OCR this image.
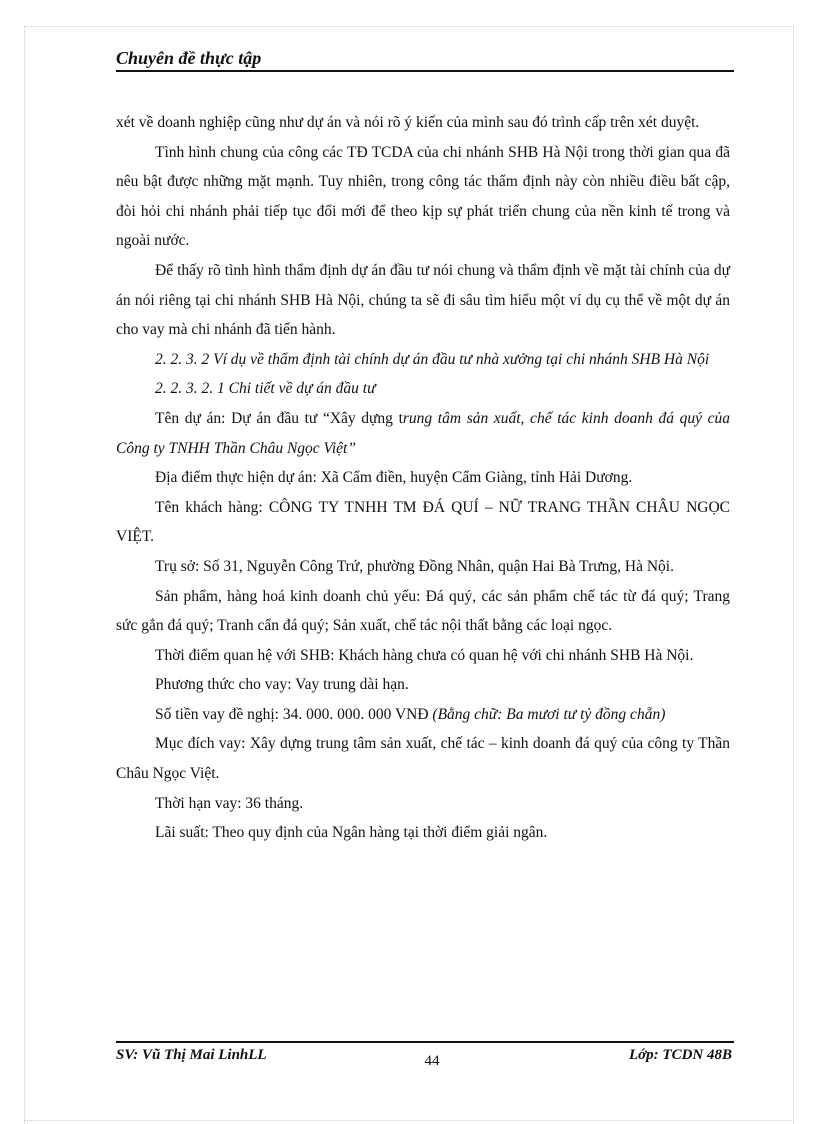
Chuyên đề thực tập

xét về doanh nghiệp cũng như dự án và nói rõ ý kiến của mình sau đó trình cấp trên xét duyệt.

Tình hình chung của công các TĐ TCDA của chi nhánh SHB Hà Nội trong thời gian qua đã nêu bật được những mặt mạnh. Tuy nhiên, trong công tác thẩm định này còn nhiều điều bất cập, đòi hỏi chi nhánh phải tiếp tục đổi mới để theo kịp sự phát triển chung của nền kinh tế trong và ngoài nước.

Để thấy rõ tình hình thẩm định dự án đầu tư nói chung và thẩm định về mặt tài chính của dự án nói riêng tại chi nhánh SHB Hà Nội, chúng ta sẽ đi sâu tìm hiểu một ví dụ cụ thể về một dự án cho vay mà chi nhánh đã tiến hành.

2. 2. 3. 2 Ví dụ về thẩm định tài chính dự án đầu tư nhà xưởng tại chi nhánh SHB Hà Nội

2. 2. 3. 2. 1 Chi tiết về dự án đầu tư

Tên dự án: Dự án đầu tư “Xây dựng trung tâm sản xuất, chế tác kinh doanh đá quý của Công ty TNHH Thần Châu Ngọc Việt”

Địa điểm thực hiện dự án: Xã Cẩm điền, huyện Cẩm Giàng, tỉnh Hải Dương.

Tên khách hàng: CÔNG TY TNHH TM ĐÁ QUÍ – NỮ TRANG THẦN CHÂU NGỌC VIỆT.

Trụ sở: Số 31, Nguyễn Công Trứ, phường Đồng Nhân, quận Hai Bà Trưng, Hà Nội.

Sản phẩm, hàng hoá kinh doanh chủ yếu: Đá quý, các sản phẩm chế tác từ đá quý; Trang sức gắn đá quý; Tranh cẩn đá quý; Sản xuất, chế tác nội thất bằng các loại ngọc.

Thời điểm quan hệ với SHB: Khách hàng chưa có quan hệ với chi nhánh SHB Hà Nội.

Phương thức cho vay: Vay trung dài hạn.

Số tiền vay đề nghị: 34. 000. 000. 000 VNĐ (Bằng chữ: Ba mươi tư tỷ đồng chẵn)

Mục đích vay: Xây dựng trung tâm sản xuất, chế tác – kinh doanh đá quý của công ty Thần Châu Ngọc Việt.

Thời hạn vay: 36 tháng.

Lãi suất: Theo quy định của Ngân hàng tại thời điểm giải ngân.

SV: Vũ Thị Mai LinhLL	44	Lớp: TCDN 48B
